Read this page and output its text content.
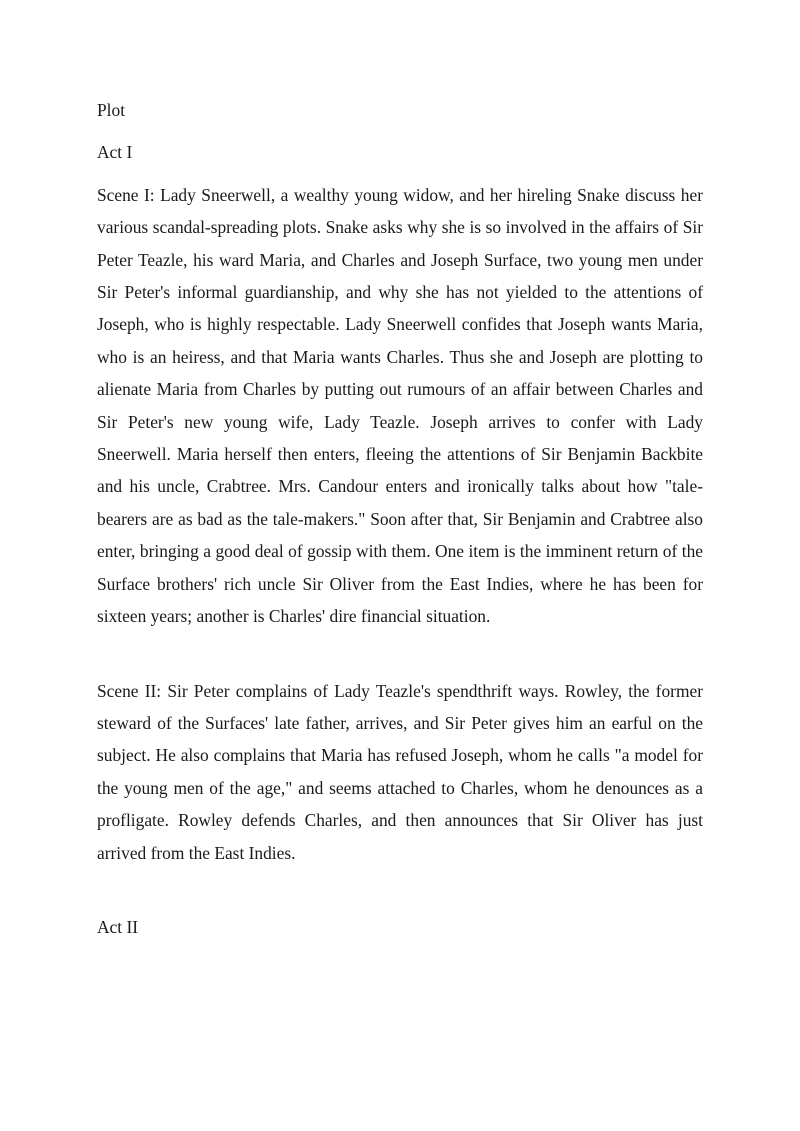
Plot

Act I

Scene I: Lady Sneerwell, a wealthy young widow, and her hireling Snake discuss her various scandal-spreading plots. Snake asks why she is so involved in the affairs of Sir Peter Teazle, his ward Maria, and Charles and Joseph Surface, two young men under Sir Peter's informal guardianship, and why she has not yielded to the attentions of Joseph, who is highly respectable. Lady Sneerwell confides that Joseph wants Maria, who is an heiress, and that Maria wants Charles. Thus she and Joseph are plotting to alienate Maria from Charles by putting out rumours of an affair between Charles and Sir Peter's new young wife, Lady Teazle. Joseph arrives to confer with Lady Sneerwell. Maria herself then enters, fleeing the attentions of Sir Benjamin Backbite and his uncle, Crabtree. Mrs. Candour enters and ironically talks about how "tale-bearers are as bad as the tale-makers." Soon after that, Sir Benjamin and Crabtree also enter, bringing a good deal of gossip with them. One item is the imminent return of the Surface brothers' rich uncle Sir Oliver from the East Indies, where he has been for sixteen years; another is Charles' dire financial situation.

Scene II: Sir Peter complains of Lady Teazle's spendthrift ways. Rowley, the former steward of the Surfaces' late father, arrives, and Sir Peter gives him an earful on the subject. He also complains that Maria has refused Joseph, whom he calls "a model for the young men of the age," and seems attached to Charles, whom he denounces as a profligate. Rowley defends Charles, and then announces that Sir Oliver has just arrived from the East Indies.

Act II
